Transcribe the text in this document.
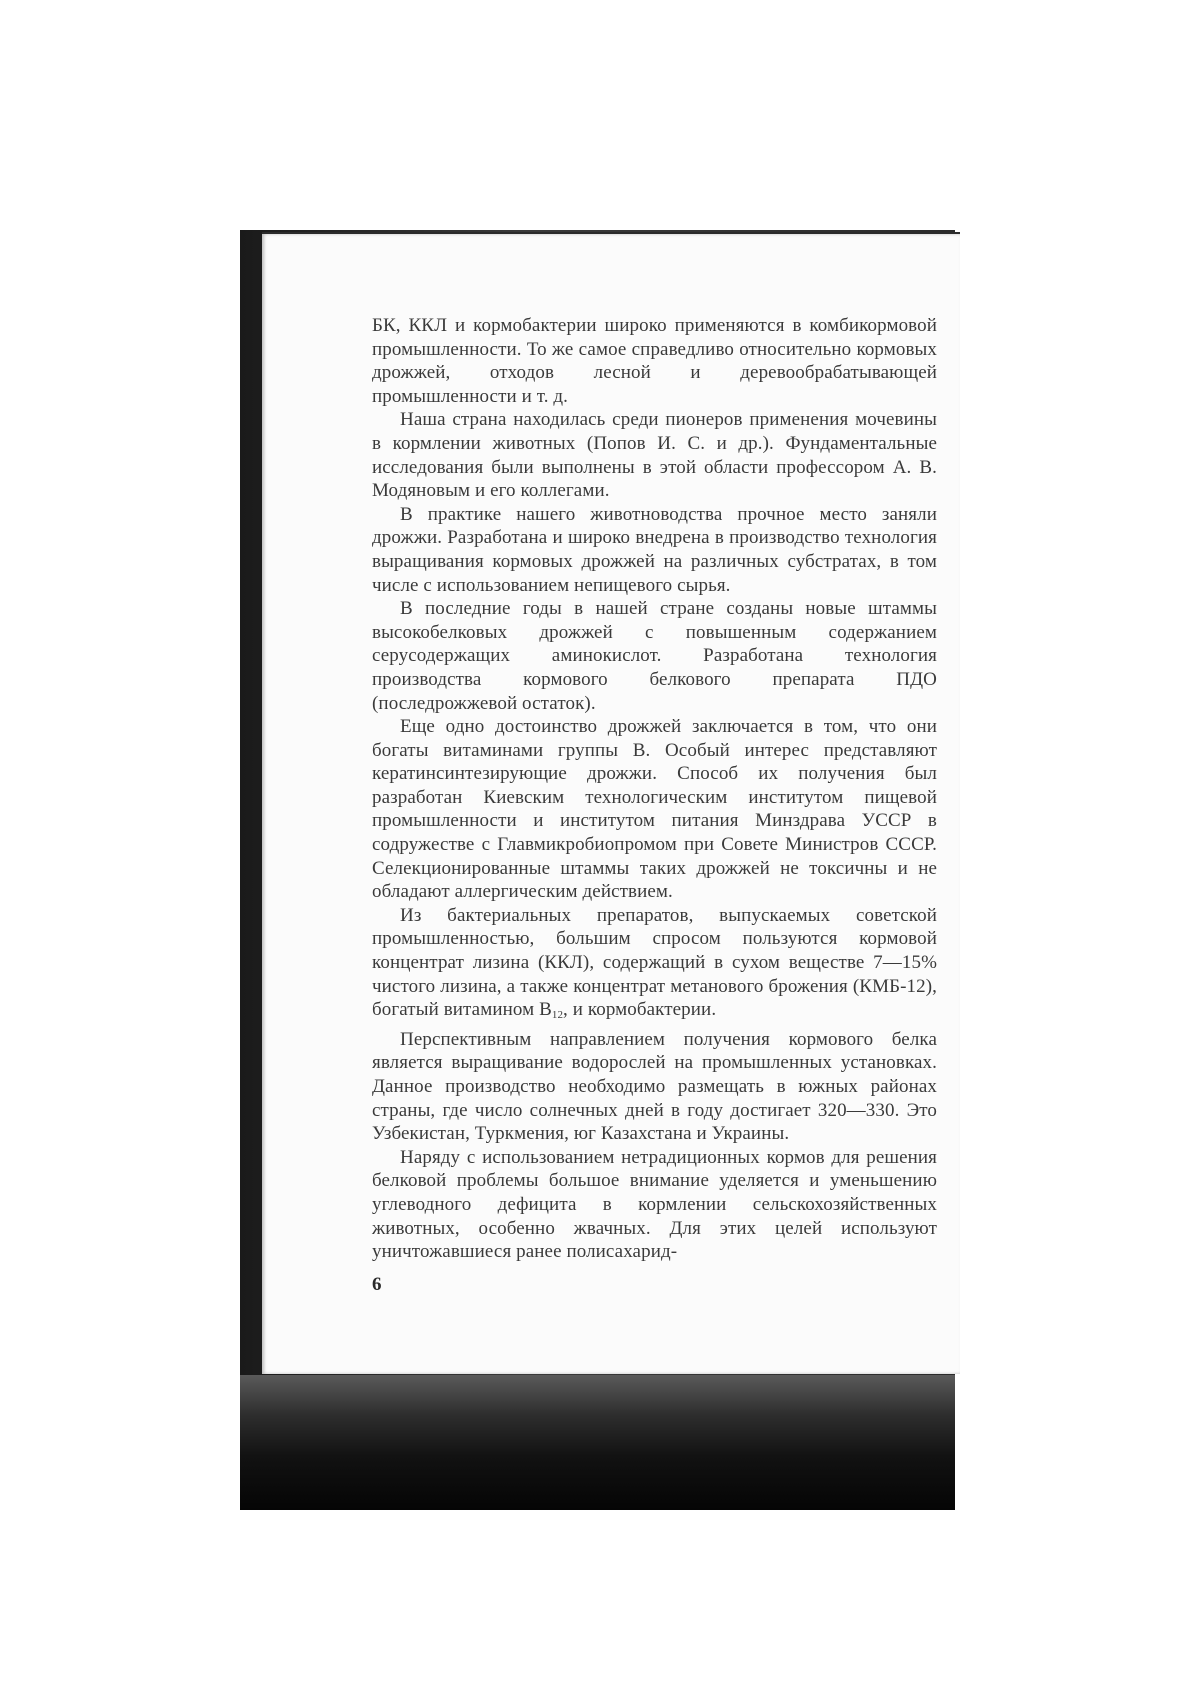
БК, ККЛ и кормобактерии широко применяются в комбикормовой промышленности. То же самое справедливо относительно кормовых дрожжей, отходов лесной и деревообрабатывающей промышленности и т. д.

Наша страна находилась среди пионеров применения мочевины в кормлении животных (Попов И. С. и др.). Фундаментальные исследования были выполнены в этой области профессором А. В. Модяновым и его коллегами.

В практике нашего животноводства прочное место заняли дрожжи. Разработана и широко внедрена в производство технология выращивания кормовых дрожжей на различных субстратах, в том числе с использованием непищевого сырья.

В последние годы в нашей стране созданы новые штаммы высокобелковых дрожжей с повышенным содержанием серусодержащих аминокислот. Разработана технология производства кормового белкового препарата ПДО (последрожжевой остаток).

Еще одно достоинство дрожжей заключается в том, что они богаты витаминами группы В. Особый интерес представляют кератинсинтезирующие дрожжи. Способ их получения был разработан Киевским технологическим институтом пищевой промышленности и институтом питания Минздрава УССР в содружестве с Главмикробиопромом при Совете Министров СССР. Селекционированные штаммы таких дрожжей не токсичны и не обладают аллергическим действием.

Из бактериальных препаратов, выпускаемых советской промышленностью, большим спросом пользуются кормовой концентрат лизина (ККЛ), содержащий в сухом веществе 7—15% чистого лизина, а также концентрат метанового брожения (КМБ-12), богатый витамином $В_{12}$, и кормобактерии.

Перспективным направлением получения кормового белка является выращивание водорослей на промышленных установках. Данное производство необходимо размещать в южных районах страны, где число солнечных дней в году достигает 320—330. Это Узбекистан, Туркмения, юг Казахстана и Украины.

Наряду с использованием нетрадиционных кормов для решения белковой проблемы большое внимание уделяется и уменьшению углеводного дефицита в кормлении сельскохозяйственных животных, особенно жвачных. Для этих целей используют уничтожавшиеся ранее полисахарид-

6
